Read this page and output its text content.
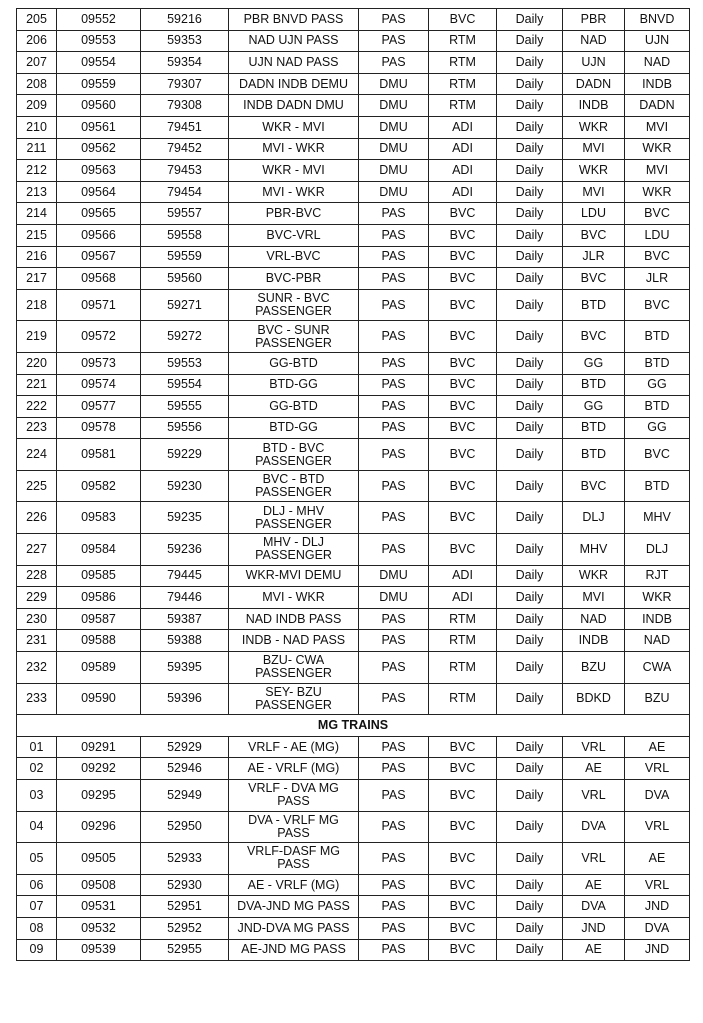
205	09552	59216	PBR BNVD PASS	PAS	BVC	Daily	PBR	BNVD
206	09553	59353	NAD UJN PASS	PAS	RTM	Daily	NAD	UJN
207	09554	59354	UJN NAD PASS	PAS	RTM	Daily	UJN	NAD
208	09559	79307	DADN INDB DEMU	DMU	RTM	Daily	DADN	INDB
209	09560	79308	INDB DADN DMU	DMU	RTM	Daily	INDB	DADN
210	09561	79451	WKR - MVI	DMU	ADI	Daily	WKR	MVI
211	09562	79452	MVI - WKR	DMU	ADI	Daily	MVI	WKR
212	09563	79453	WKR - MVI	DMU	ADI	Daily	WKR	MVI
213	09564	79454	MVI - WKR	DMU	ADI	Daily	MVI	WKR
214	09565	59557	PBR-BVC	PAS	BVC	Daily	LDU	BVC
215	09566	59558	BVC-VRL	PAS	BVC	Daily	BVC	LDU
216	09567	59559	VRL-BVC	PAS	BVC	Daily	JLR	BVC
217	09568	59560	BVC-PBR	PAS	BVC	Daily	BVC	JLR
218	09571	59271	SUNR - BVC PASSENGER	PAS	BVC	Daily	BTD	BVC
219	09572	59272	BVC - SUNR PASSENGER	PAS	BVC	Daily	BVC	BTD
220	09573	59553	GG-BTD	PAS	BVC	Daily	GG	BTD
221	09574	59554	BTD-GG	PAS	BVC	Daily	BTD	GG
222	09577	59555	GG-BTD	PAS	BVC	Daily	GG	BTD
223	09578	59556	BTD-GG	PAS	BVC	Daily	BTD	GG
224	09581	59229	BTD - BVC PASSENGER	PAS	BVC	Daily	BTD	BVC
225	09582	59230	BVC - BTD PASSENGER	PAS	BVC	Daily	BVC	BTD
226	09583	59235	DLJ - MHV PASSENGER	PAS	BVC	Daily	DLJ	MHV
227	09584	59236	MHV - DLJ PASSENGER	PAS	BVC	Daily	MHV	DLJ
228	09585	79445	WKR-MVI DEMU	DMU	ADI	Daily	WKR	RJT
229	09586	79446	MVI - WKR	DMU	ADI	Daily	MVI	WKR
230	09587	59387	NAD INDB PASS	PAS	RTM	Daily	NAD	INDB
231	09588	59388	INDB - NAD PASS	PAS	RTM	Daily	INDB	NAD
232	09589	59395	BZU- CWA PASSENGER	PAS	RTM	Daily	BZU	CWA
233	09590	59396	SEY- BZU PASSENGER	PAS	RTM	Daily	BDKD	BZU
MG TRAINS								
01	09291	52929	VRLF - AE (MG)	PAS	BVC	Daily	VRL	AE
02	09292	52946	AE - VRLF (MG)	PAS	BVC	Daily	AE	VRL
03	09295	52949	VRLF - DVA MG PASS	PAS	BVC	Daily	VRL	DVA
04	09296	52950	DVA - VRLF MG PASS	PAS	BVC	Daily	DVA	VRL
05	09505	52933	VRLF-DASF MG PASS	PAS	BVC	Daily	VRL	AE
06	09508	52930	AE - VRLF (MG)	PAS	BVC	Daily	AE	VRL
07	09531	52951	DVA-JND MG PASS	PAS	BVC	Daily	DVA	JND
08	09532	52952	JND-DVA MG PASS	PAS	BVC	Daily	JND	DVA
09	09539	52955	AE-JND MG PASS	PAS	BVC	Daily	AE	JND
